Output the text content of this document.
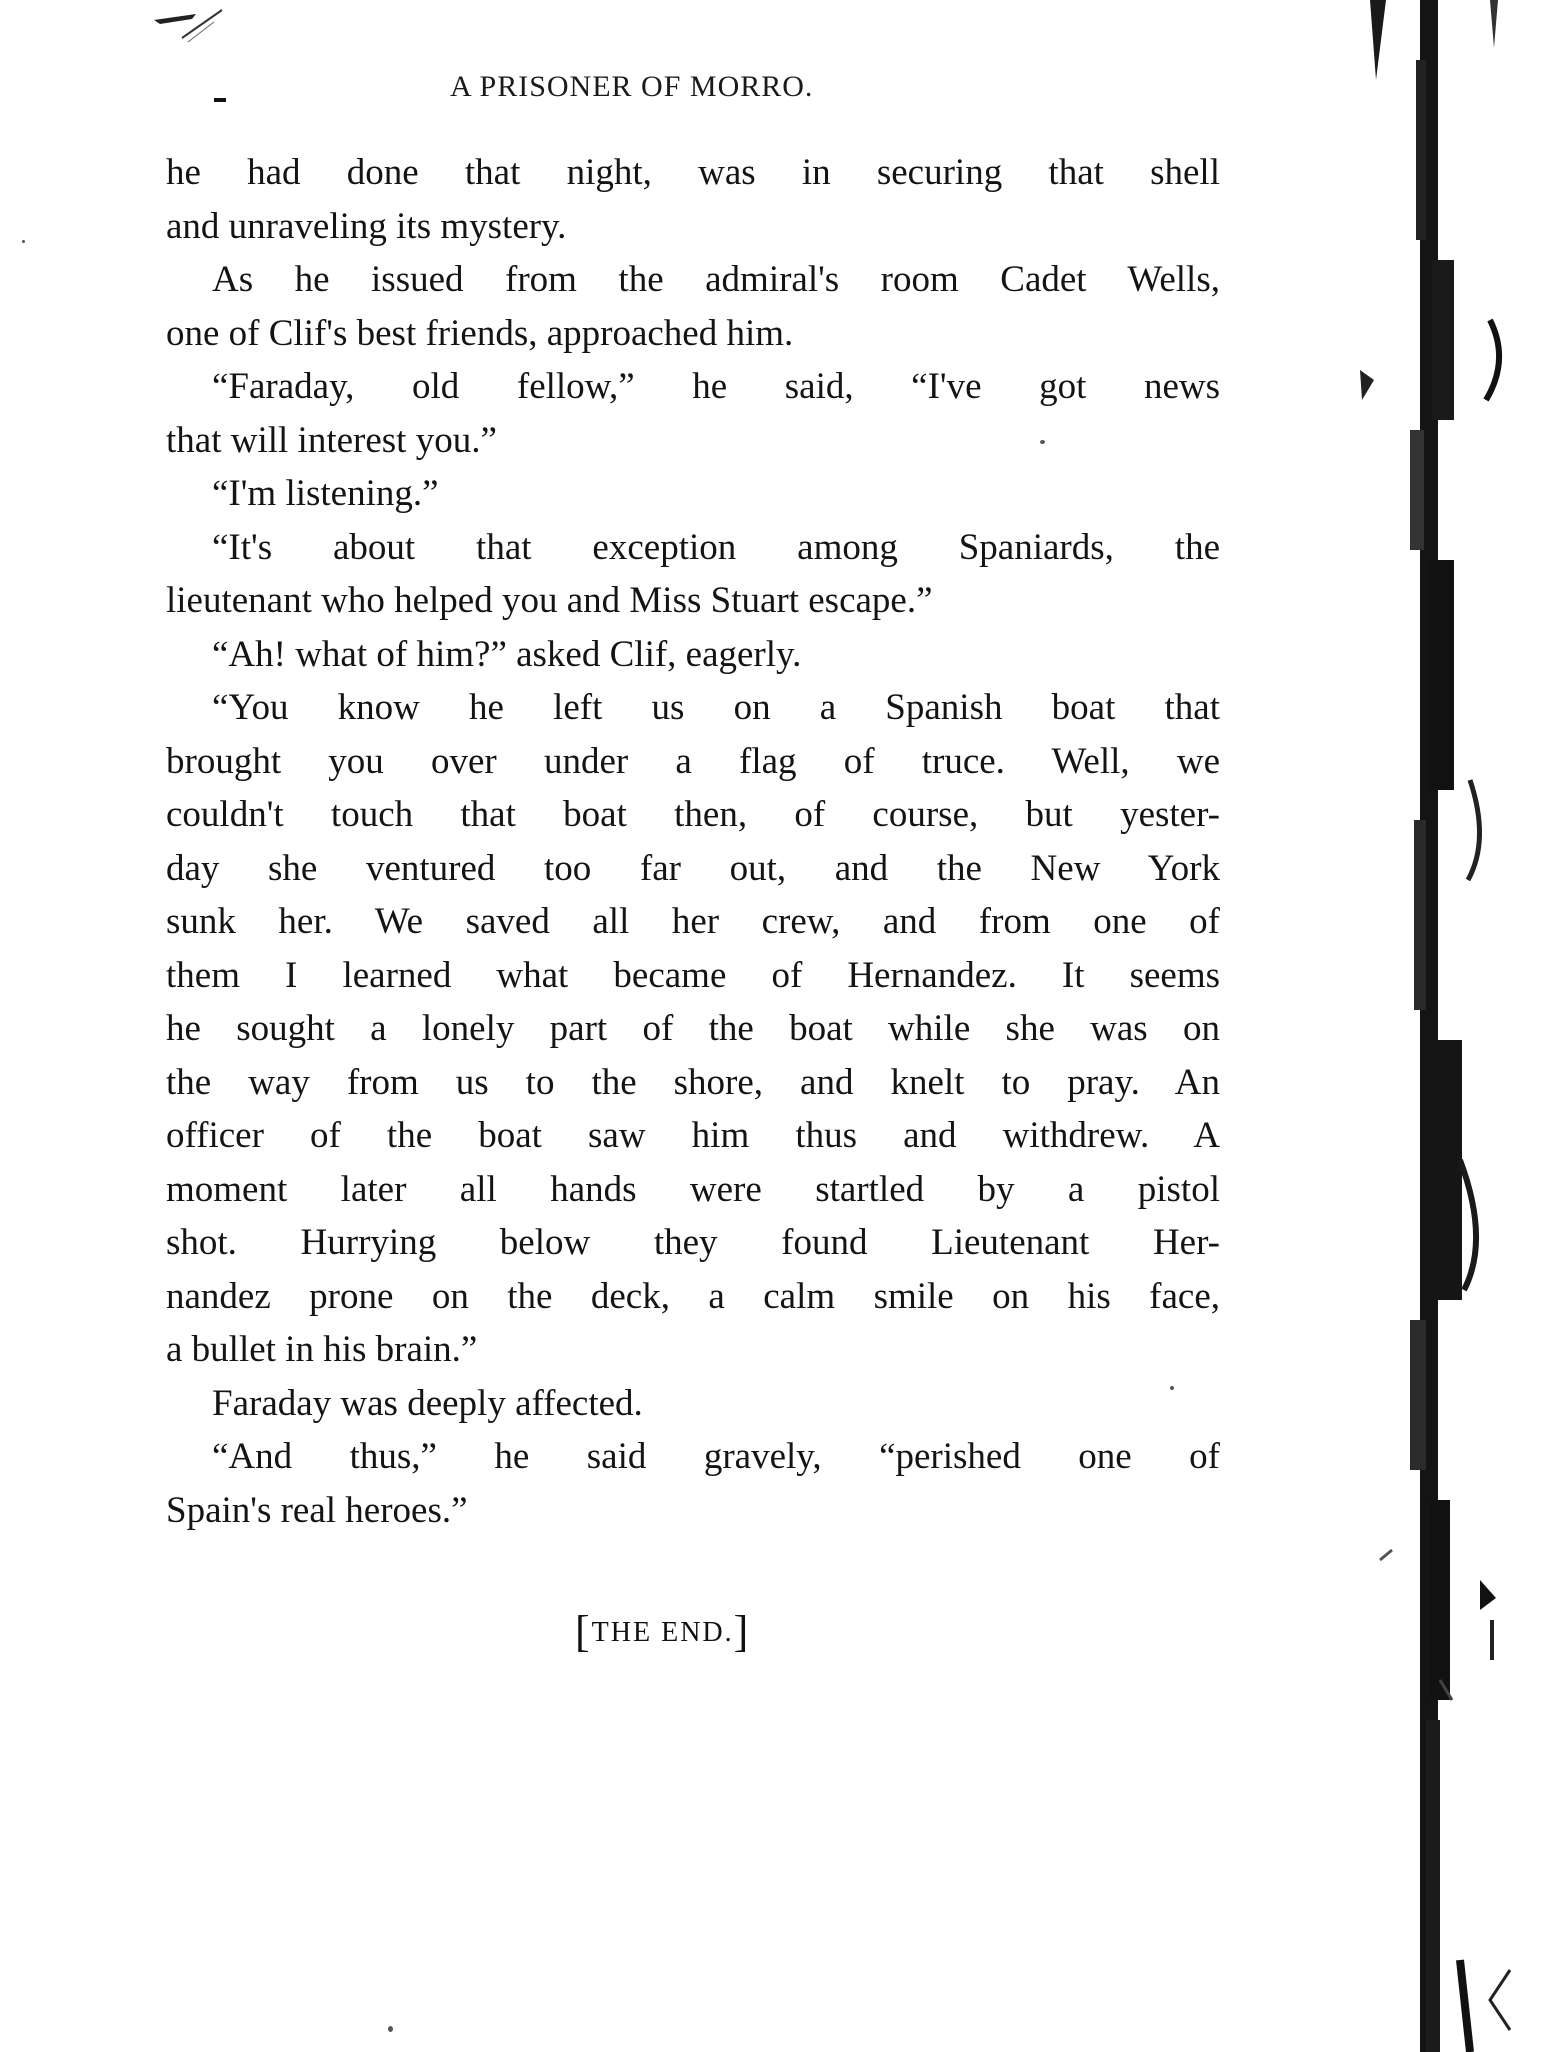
A PRISONER OF MORRO.
he had done that night, was in securing that shell
and unraveling its mystery.
As he issued from the admiral's room Cadet Wells,
one of Clif's best friends, approached him.
“Faraday, old fellow,” he said, “I've got news
that will interest you.”
“I'm listening.”
“It's about that exception among Spaniards, the
lieutenant who helped you and Miss Stuart escape.”
“Ah! what of him?” asked Clif, eagerly.
“You know he left us on a Spanish boat that
brought you over under a flag of truce. Well, we
couldn't touch that boat then, of course, but yester-
day she ventured too far out, and the New York
sunk her. We saved all her crew, and from one of
them I learned what became of Hernandez. It seems
he sought a lonely part of the boat while she was on
the way from us to the shore, and knelt to pray. An
officer of the boat saw him thus and withdrew. A
moment later all hands were startled by a pistol
shot. Hurrying below they found Lieutenant Her-
nandez prone on the deck, a calm smile on his face,
a bullet in his brain.”
Faraday was deeply affected.
“And thus,” he said gravely, “perished one of
Spain's real heroes.”
[THE END.]
